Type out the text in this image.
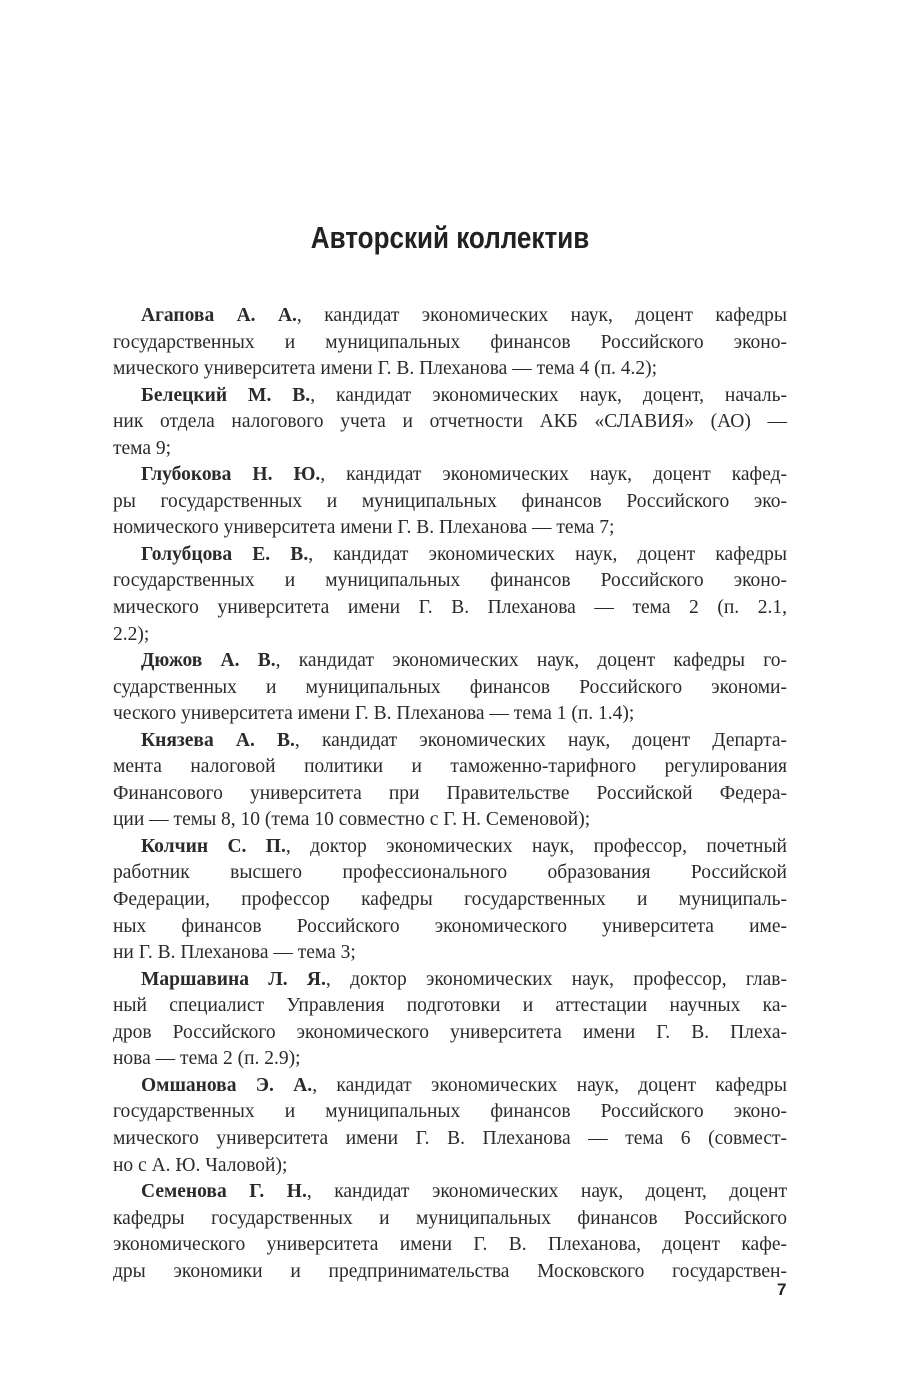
Авторский коллектив
Агапова А. А., кандидат экономических наук, доцент кафедры
государственных и муниципальных финансов Российского эконо-
мического университета имени Г. В. Плеханова — тема 4 (п. 4.2);
Белецкий М. В., кандидат экономических наук, доцент, началь-
ник отдела налогового учета и отчетности АКБ «СЛАВИЯ» (АО) —
тема 9;
Глубокова Н. Ю., кандидат экономических наук, доцент кафед-
ры государственных и муниципальных финансов Российского эко-
номического университета имени Г. В. Плеханова — тема 7;
Голубцова Е. В., кандидат экономических наук, доцент кафедры
государственных и муниципальных финансов Российского эконо-
мического университета имени Г. В. Плеханова — тема 2 (п. 2.1,
2.2);
Дюжов А. В., кандидат экономических наук, доцент кафедры го-
сударственных и муниципальных финансов Российского экономи-
ческого университета имени Г. В. Плеханова — тема 1 (п. 1.4);
Князева А. В., кандидат экономических наук, доцент Департа-
мента налоговой политики и таможенно-тарифного регулирования
Финансового университета при Правительстве Российской Федера-
ции — темы 8, 10 (тема 10 совместно с Г. Н. Семеновой);
Колчин С. П., доктор экономических наук, профессор, почетный
работник высшего профессионального образования Российской
Федерации, профессор кафедры государственных и муниципаль-
ных финансов Российского экономического университета име-
ни Г. В. Плеханова — тема 3;
Маршавина Л. Я., доктор экономических наук, профессор, глав-
ный специалист Управления подготовки и аттестации научных ка-
дров Российского экономического университета имени Г. В. Плеха-
нова — тема 2 (п. 2.9);
Омшанова Э. А., кандидат экономических наук, доцент кафедры
государственных и муниципальных финансов Российского эконо-
мического университета имени Г. В. Плеханова — тема 6 (совмест-
но с А. Ю. Чаловой);
Семенова Г. Н., кандидат экономических наук, доцент, доцент
кафедры государственных и муниципальных финансов Российского
экономического университета имени Г. В. Плеханова, доцент кафе-
дры экономики и предпринимательства Московского государствен-
7
